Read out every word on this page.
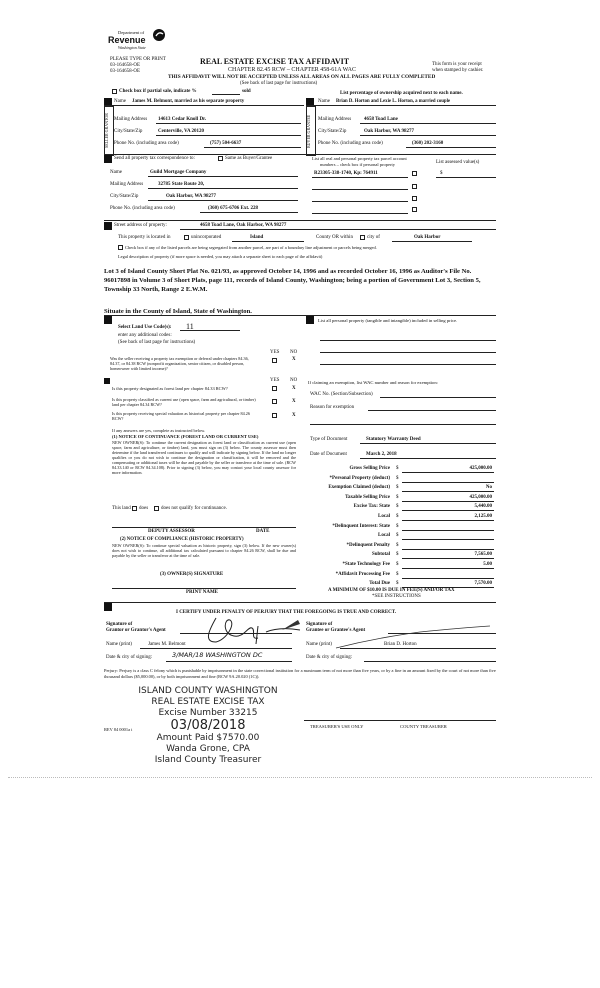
Department of
Revenue
Washington State
PLEASE TYPE OR PRINT
03-164658-OE
03-164658-OE
REAL ESTATE EXCISE TAX AFFIDAVIT
CHAPTER 82.45 RCW – CHAPTER 458-61A WAC
THIS AFFIDAVIT WILL NOT BE ACCEPTED UNLESS ALL AREAS ON ALL PAGES ARE FULLY COMPLETED
(See back of last page for instructions)
This form is your receipt
when stamped by cashier.
Check box if partial sale, indicate %	sold	List percentage of ownership acquired next to each name.
SELLER GRANTOR
Name James M. Belmont, married as his separate property
Mailing Address 14613 Cedar Knoll Dr.
City/State/Zip	Centerville, VA 20120
Phone No. (including area code)	(757) 504-6637	BUYER GRANTEE
Name Brian D. Horton and Lexie L. Horton, a married couple
Mailing Address	4658 Toad Lane
City/State/Zip	Oak Harbor, WA 98277
Phone No. (including area code)	(360) 202-3160
Send all property tax correspondence to:	Same as Buyer/Grantee
Name	Guild Mortgage Company
Mailing Address	32785 State Route 20,
City/State/Zip	Oak Harbor, WA 98277
Phone No. (including area code)	(360) 675-6706 Ext. 228
List all real and personal property tax parcel account
numbers – check box if personal property	List assessed value(s)
R23305-338-1740, Kp: 764911	$
Street address of property:	4658 Toad Lane, Oak Harbor, WA 98277
This property is located in	unincorporated	Island	County OR within	city of	Oak Harbor
Check box if any of the listed parcels are being segregated from another parcel, are part of a boundary line adjustment or parcels being merged.
Legal description of property (if more space is needed, you may attach a separate sheet to each page of the affidavit)
Lot 3 of Island County Short Plat No. 021/93, as approved October 14, 1996 and as recorded October 16, 1996 as Auditor's File No. 96017898 in Volume 3 of Short Plats, page 111, records of Island County, Washington; being a portion of Government Lot 3, Section 5, Township 33 North, Range 2 E.W.M.
Situate in the County of Island, State of Washington.
Select Land Use Code(s): 11
enter any additional codes:
(See back of last page for instructions)
YES NO
Was the seller receiving a property tax exemption or deferral under chapters 84.36, 84.37, or 84.38 RCW (nonprofit organization, senior citizen, or disabled person, homeowner with limited income)?
X
YES NO
Is this property designated as forest land per chapter 84.33 RCW?	X
Is this property classified as current use (open space, farm and agricultural, or timber) land per chapter 84.34 RCW?
X
Is this property receiving special valuation as historical property per chapter 84.26 RCW?
X
If any answers are yes, complete as instructed below.
(1) NOTICE OF CONTINUANCE (FOREST LAND OR CURRENT USE)
NEW OWNER(S): To continue the current designation as forest land or classification as current use (open space, farm and agriculture, or timber) land, you must sign on (3) below. The county assessor must then determine if the land transferred continues to qualify and will indicate by signing below. If the land no longer qualifies or you do not wish to continue the designation or classification, it will be removed and the compensating or additional taxes will be due and payable by the seller or transferor at the time of sale. (RCW 84.33.140 or RCW 84.34.108). Prior to signing (3) below, you may contact your local county assessor for more information.
This land does	does not qualify for continuance.
DEPUTY ASSESSOR	DATE
(2) NOTICE OF COMPLIANCE (HISTORIC PROPERTY)
NEW OWNER(S): To continue special valuation as historic property, sign (3) below. If the new owner(s) does not wish to continue, all additional tax calculated pursuant to chapter 84.26 RCW, shall be due and payable by the seller or transferor at the time of sale.
(3) OWNER(S) SIGNATURE
PRINT NAME
List all personal property (tangible and intangible) included in selling price.
If claiming an exemption, list WAC number and reason for exemption:
WAC No. (Section/Subsection)
Reason for exemption
Type of Document	Statutory Warranty Deed
Date of Document	March 2, 2018
Gross Selling Price $	425,000.00
*Personal Property (deduct) $
Exemption Claimed (deduct) $	No
Taxable Selling Price $	425,000.00
Excise Tax: State $	5,440.00
Local $	2,125.00
*Delinquent Interest: State $
Local $
*Delinquent Penalty $
Subtotal $	7,565.00
*State Technology Fee $	5.00
*Affidavit Processing Fee $
Total Due $	7,570.00
A MINIMUM OF $10.00 IS DUE IN FEE(S) AND/OR TAX
*SEE INSTRUCTIONS
I CERTIFY UNDER PENALTY OF PERJURY THAT THE FOREGOING IS TRUE AND CORRECT.
Signature of
Grantor or Grantor's Agent
Signature of
Grantee or Grantee's Agent
Name (print)	James M. Belmont	Name (print)	Brian D. Horton
Date & city of signing:	3/MAR/18 WASHINGTON DC	Date & city of signing:
Perjury: Perjury is a class C felony which is punishable by imprisonment in the state correctional institution for a maximum term of not more than five years, or by a fine in an amount fixed by the court of not more than five thousand dollars ($5,000.00), or by both imprisonment and fine (RCW 9A.20.020 (1C)).
ISLAND COUNTY WASHINGTON
REAL ESTATE EXCISE TAX
Excise Number 33215
03/08/2018
Amount Paid $7570.00
Wanda Grone, CPA
Island County Treasurer
REV 84 0001a i
TREASURER'S USE ONLY	COUNTY TREASURER
